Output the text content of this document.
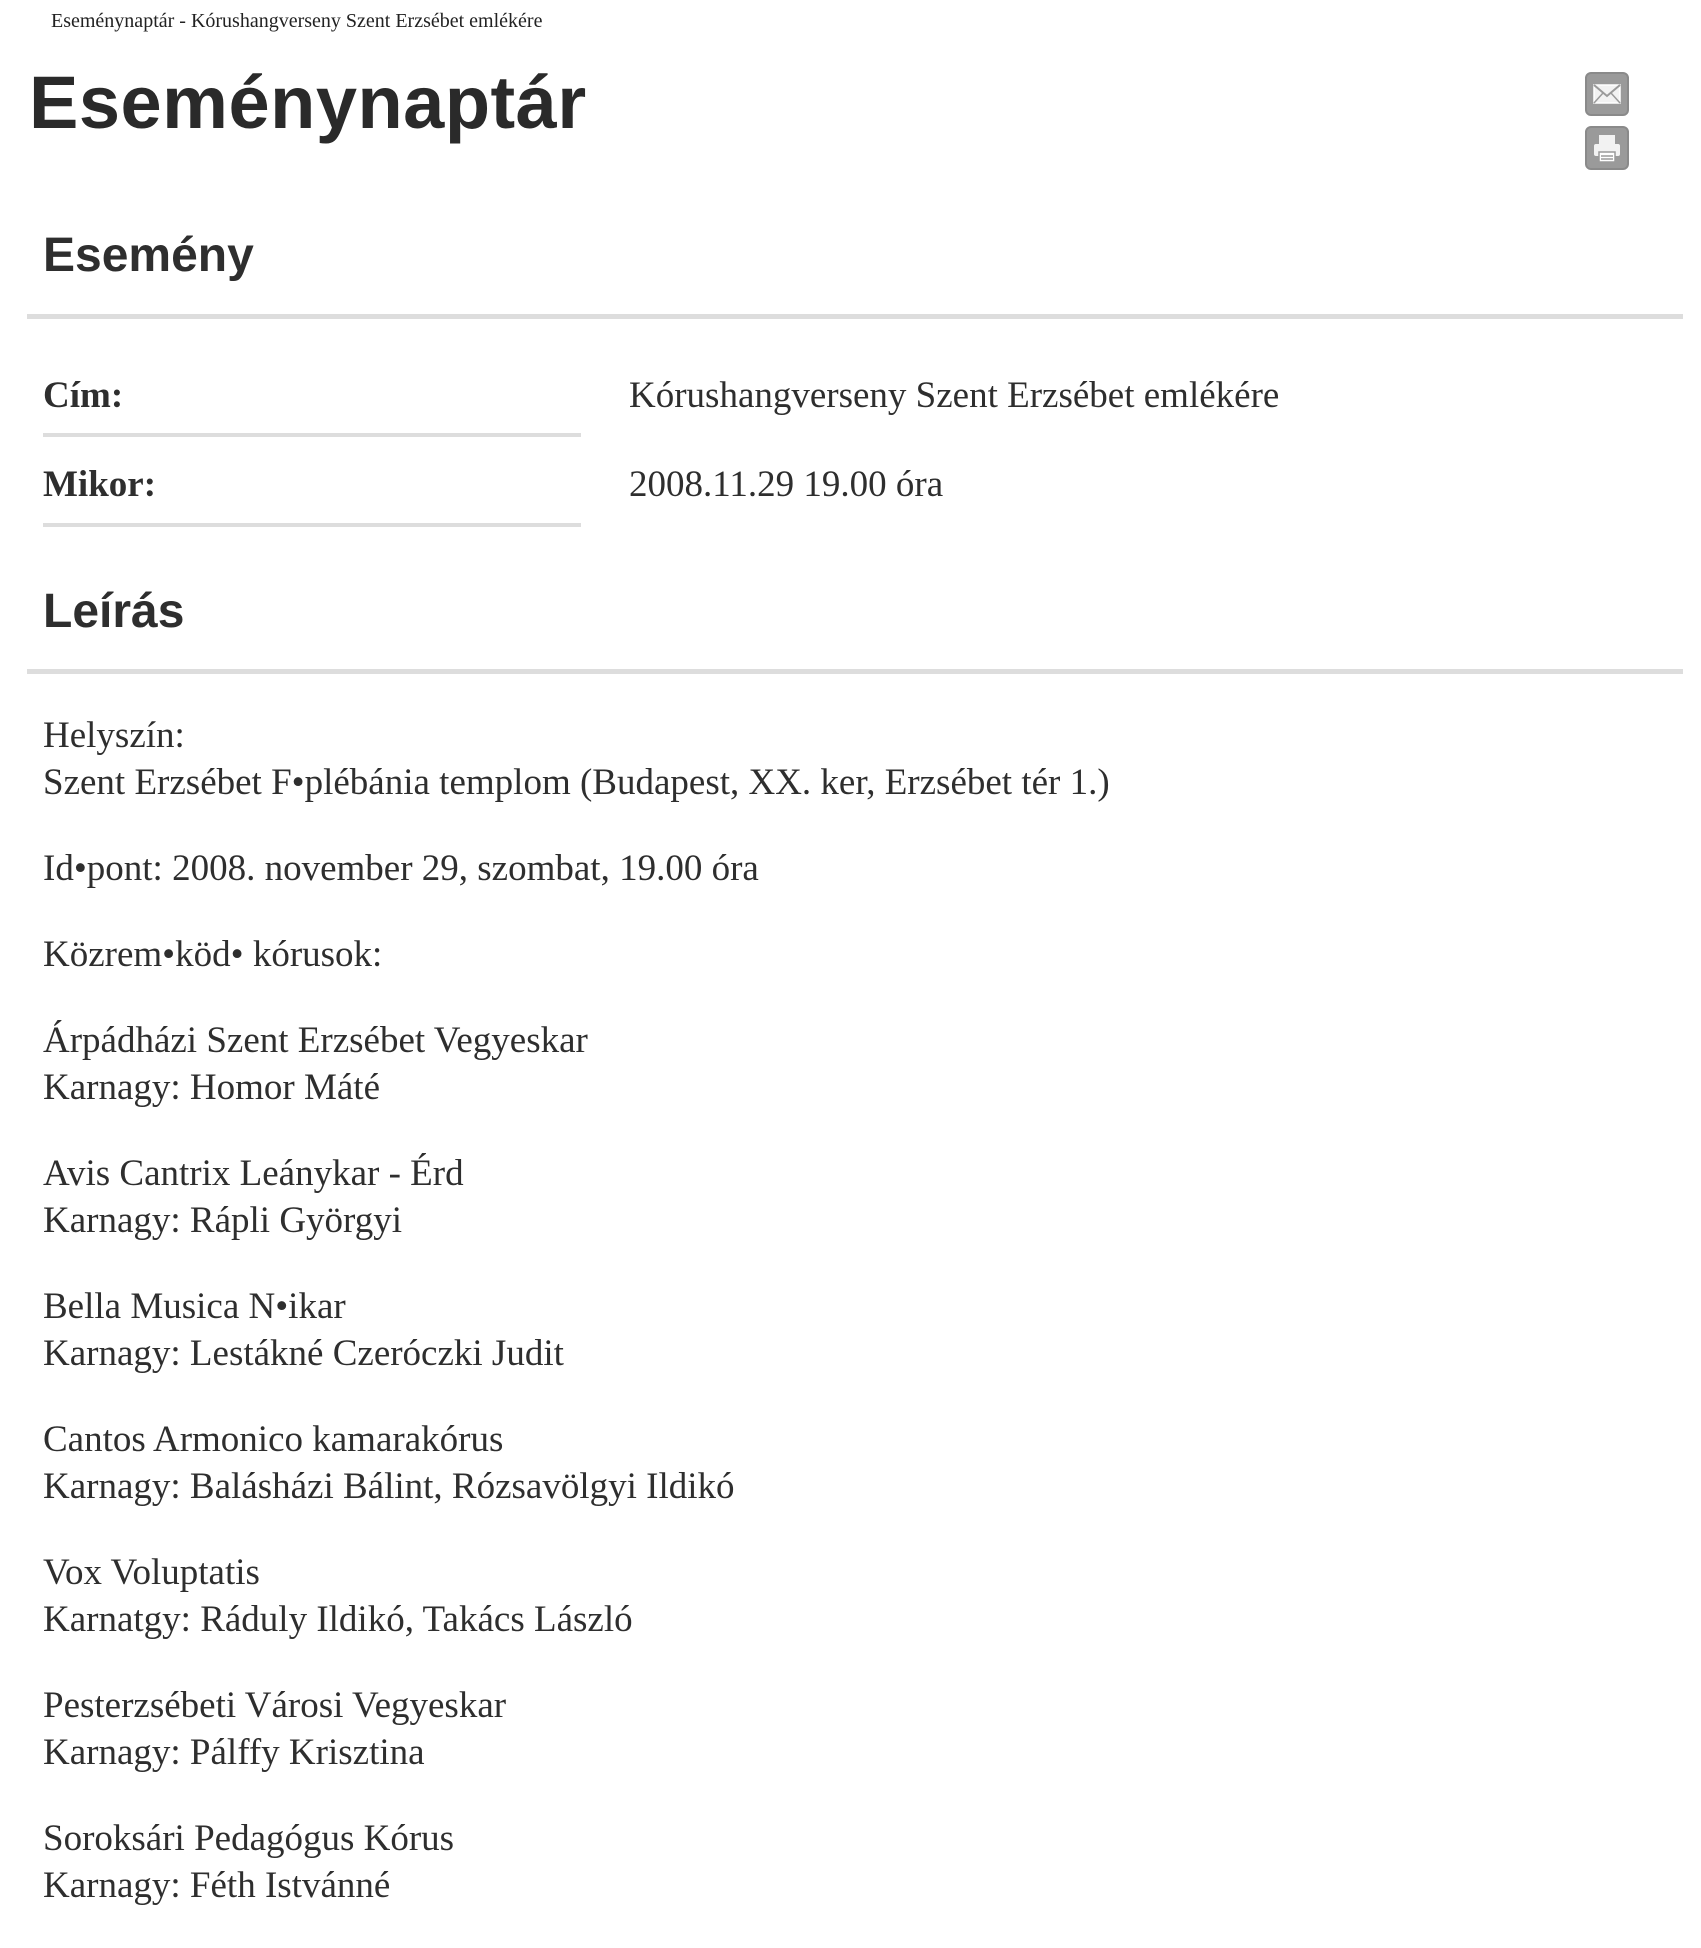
Eseménynaptár - Kórushangverseny Szent Erzsébet emlékére
Eseménynaptár
Esemény
Cím:	Kórushangverseny Szent Erzsébet emlékére
Mikor:	2008.11.29 19.00 óra
Leírás

Helyszín:
Szent Erzsébet F•plébánia templom (Budapest, XX. ker, Erzsébet tér 1.)

Id•pont: 2008. november 29, szombat, 19.00 óra

Közrem•köd• kórusok:

Árpádházi Szent Erzsébet Vegyeskar
Karnagy: Homor Máté

Avis Cantrix Leánykar - Érd
Karnagy: Rápli Györgyi

Bella Musica N•ikar
Karnagy: Lestákné Czeróczki Judit

Cantos Armonico kamarakórus
Karnagy: Balásházi Bálint, Rózsavölgyi Ildikó

Vox Voluptatis
Karnatgy: Ráduly Ildikó, Takács László

Pesterzsébeti Városi Vegyeskar
Karnagy: Pálffy Krisztina

Soroksári Pedagógus Kórus
Karnagy: Féth Istvánné
